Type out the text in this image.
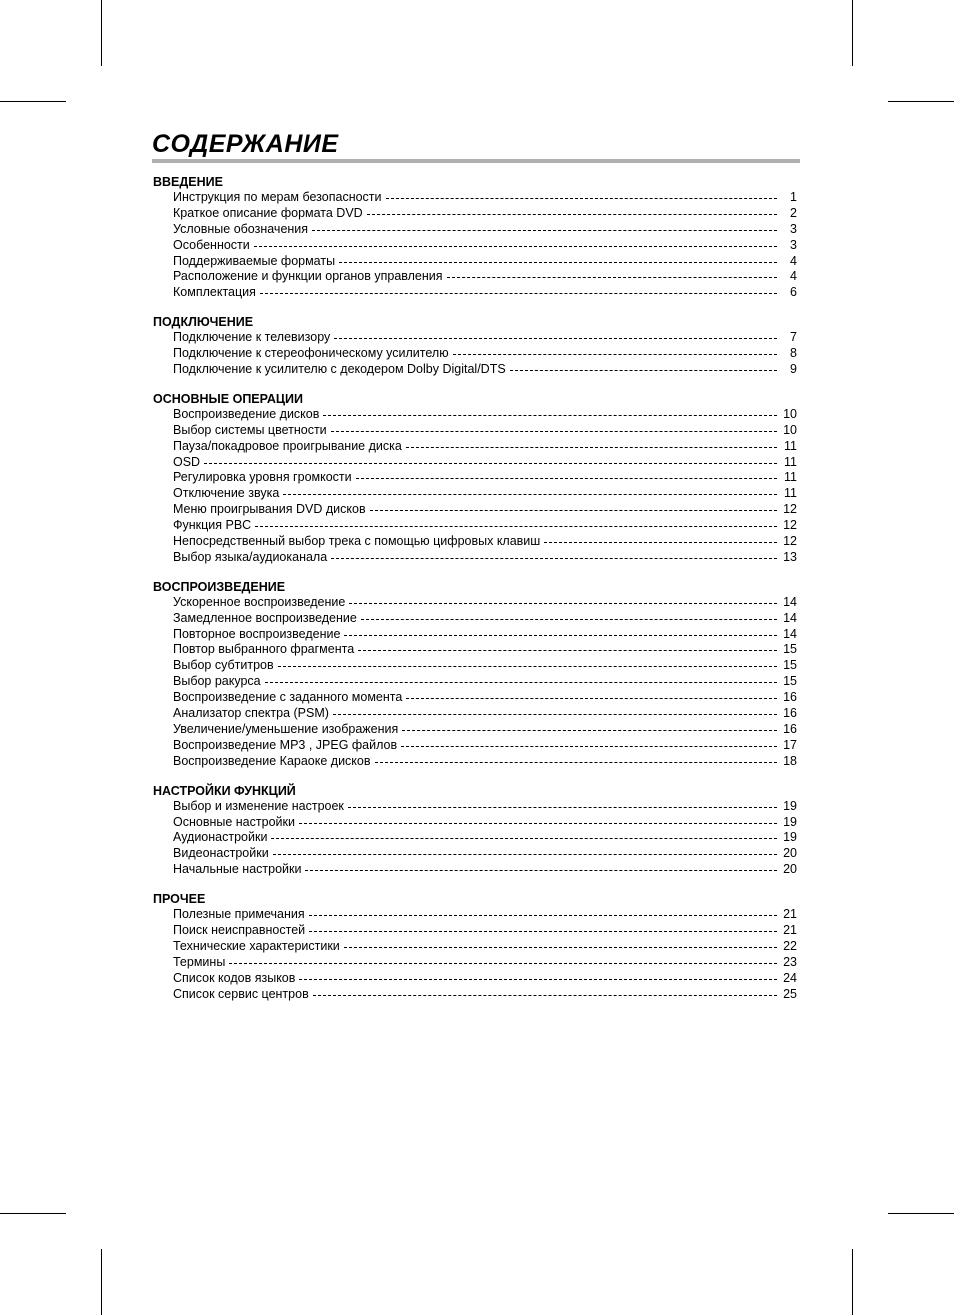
СОДЕРЖАНИЕ
ВВЕДЕНИЕ
Инструкция по мерам безопасности	1
Краткое описание формата DVD	2
Условные обозначения	3
Особенности	3
Поддерживаемые форматы	4
Расположение и функции органов управления	4
Комплектация	6
ПОДКЛЮЧЕНИЕ
Подключение к телевизору	7
Подключение к стереофоническому усилителю	8
Подключение к усилителю с декодером Dolby Digital/DTS	9
ОСНОВНЫЕ ОПЕРАЦИИ
Воспроизведение дисков	10
Выбор системы цветности	10
Пауза/покадровое проигрывание диска	11
OSD	11
Регулировка уровня громкости	11
Отключение звука	11
Меню проигрывания DVD дисков	12
Функция PBC	12
Непосредственный выбор трека с помощью цифровых клавиш	12
Выбор языка/аудиоканала	13
ВОСПРОИЗВЕДЕНИЕ
Ускоренное воспроизведение	14
Замедленное воспроизведение	14
Повторное воспроизведение	14
Повтор выбранного фрагмента	15
Выбор субтитров	15
Выбор ракурса	15
Воспроизведение с заданного момента	16
Анализатор спектра (PSM)	16
Увеличение/уменьшение изображения	16
Воспроизведение MP3 , JPEG файлов	17
Воспроизведение Караоке дисков	18
НАСТРОЙКИ ФУНКЦИЙ
Выбор и изменение настроек	19
Основные настройки	19
Аудионастройки	19
Видеонастройки	20
Начальные настройки	20
ПРОЧЕЕ
Полезные примечания	21
Поиск неисправностей	21
Технические характеристики	22
Термины	23
Список кодов языков	24
Список сервис центров	25
